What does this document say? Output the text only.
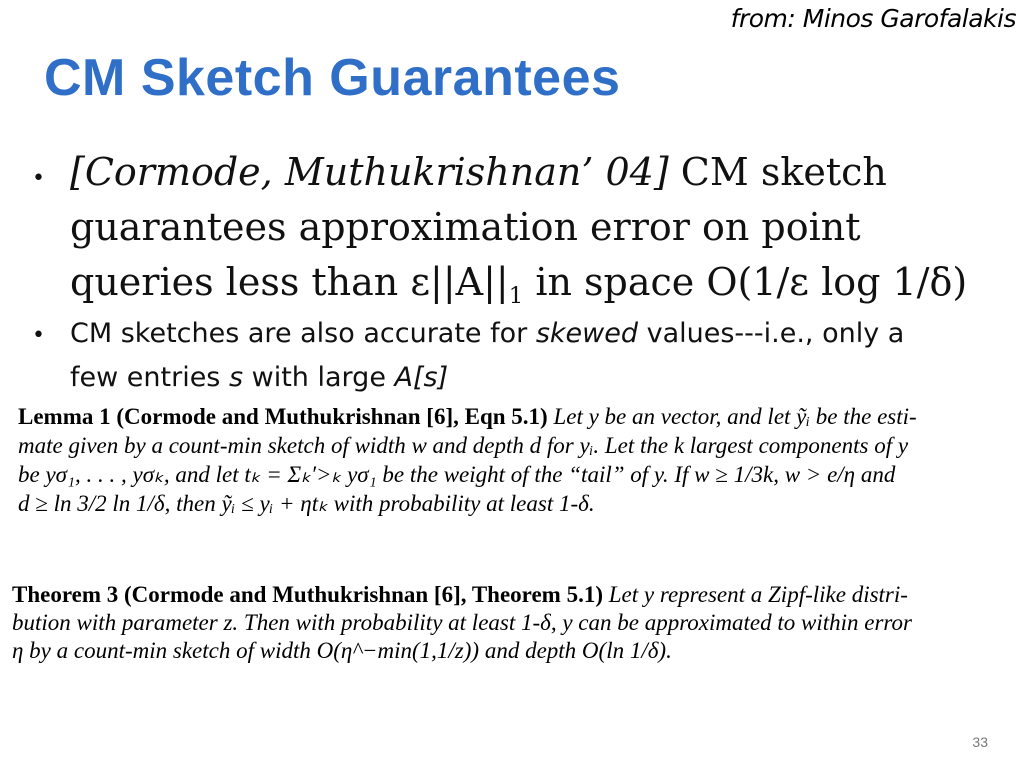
from: Minos Garofalakis
CM Sketch Guarantees
• [Cormode, Muthukrishnan’ 04] CM sketch
guarantees approximation error on point
queries less than $\varepsilon||A||_1$ in space O(1/ε log 1/δ)
• CM sketches are also accurate for skewed values---i.e., only a
few entries s with large A[s]
Lemma 1 (Cormode and Muthukrishnan [6], Eqn 5.1) Let y be an vector, and let ỹᵢ be the esti-
mate given by a count-min sketch of width w and depth d for yᵢ. Let the k largest components of y
be yσ₁, . . . , yσₖ, and let tₖ = Σₖ′>ₖ yσ₁ be the weight of the “tail” of y. If w ≥ 1/3k, w > e/η and
d ≥ ln 3/2 ln 1/δ, then ỹᵢ ≤ yᵢ + ηtₖ with probability at least 1-δ.
Theorem 3 (Cormode and Muthukrishnan [6], Theorem 5.1) Let y represent a Zipf-like distri-
bution with parameter z. Then with probability at least 1-δ, y can be approximated to within error
η by a count-min sketch of width O(η^−min(1,1/z)) and depth O(ln 1/δ).
33
